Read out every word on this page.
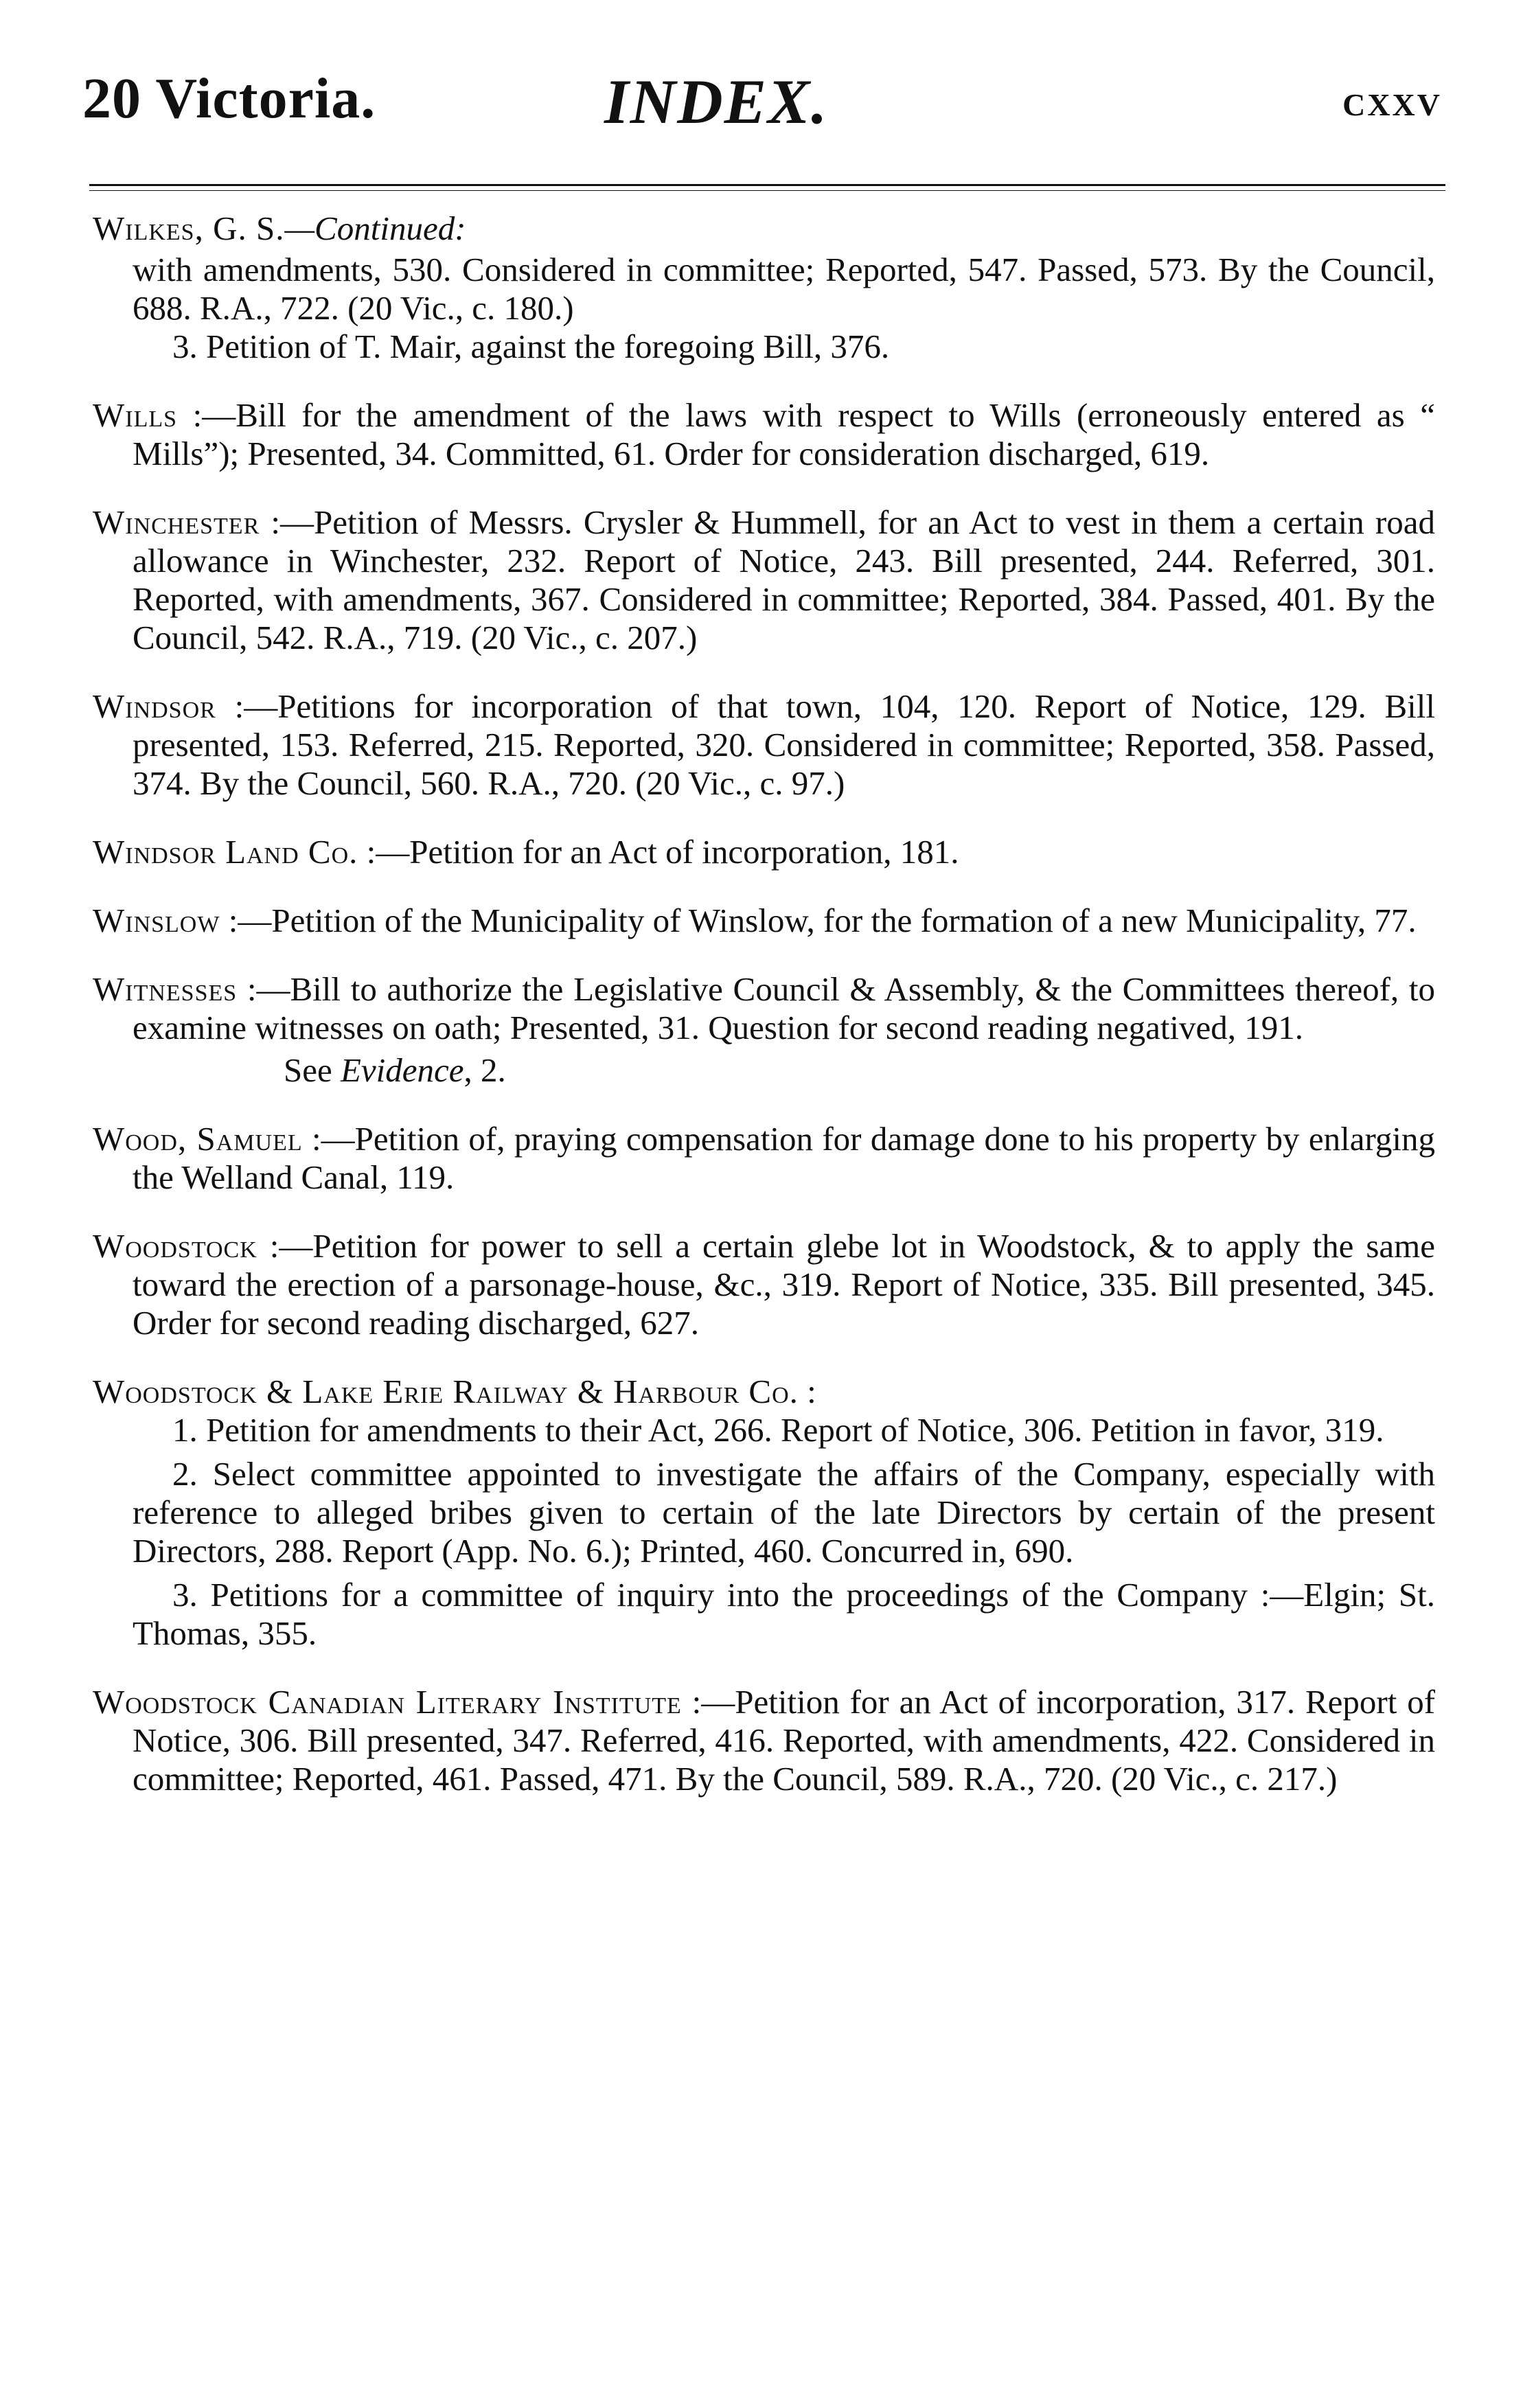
20 Victoria.	INDEX.	cxxv

Wilkes, G. S.—Continued:

with amendments, 530. Considered in committee; Reported, 547. Passed, 573. By the Council, 688. R.A., 722. (20 Vic., c. 180.)

3. Petition of T. Mair, against the foregoing Bill, 376.

Wills :—Bill for the amendment of the laws with respect to Wills (erroneously entered as “ Mills”); Presented, 34. Committed, 61. Order for consideration discharged, 619.
Winchester :—Petition of Messrs. Crysler & Hummell, for an Act to vest in them a certain road allowance in Winchester, 232. Report of Notice, 243. Bill presented, 244. Referred, 301. Reported, with amendments, 367. Considered in committee; Reported, 384. Passed, 401. By the Council, 542. R.A., 719. (20 Vic., c. 207.)
Windsor :—Petitions for incorporation of that town, 104, 120. Report of Notice, 129. Bill presented, 153. Referred, 215. Reported, 320. Considered in committee; Reported, 358. Passed, 374. By the Council, 560. R.A., 720. (20 Vic., c. 97.)
Windsor Land Co. :—Petition for an Act of incorporation, 181.
Winslow :—Petition of the Municipality of Winslow, for the formation of a new Municipality, 77.
Witnesses :—Bill to authorize the Legislative Council & Assembly, & the Committees thereof, to examine witnesses on oath; Presented, 31. Question for second reading negatived, 191.
See Evidence, 2.
Wood, Samuel :—Petition of, praying compensation for damage done to his property by enlarging the Welland Canal, 119.
Woodstock :—Petition for power to sell a certain glebe lot in Woodstock, & to apply the same toward the erection of a parsonage-house, &c., 319. Report of Notice, 335. Bill presented, 345. Order for second reading discharged, 627.

Woodstock & Lake Erie Railway & Harbour Co. :

1. Petition for amendments to their Act, 266. Report of Notice, 306. Petition in favor, 319.

2. Select committee appointed to investigate the affairs of the Company, especially with reference to alleged bribes given to certain of the late Directors by certain of the present Directors, 288. Report (App. No. 6.); Printed, 460. Concurred in, 690.

3. Petitions for a committee of inquiry into the proceedings of the Company :—Elgin; St. Thomas, 355.

Woodstock Canadian Literary Institute :—Petition for an Act of incorporation, 317. Report of Notice, 306. Bill presented, 347. Referred, 416. Reported, with amendments, 422. Considered in committee; Reported, 461. Passed, 471. By the Council, 589. R.A., 720. (20 Vic., c. 217.)
